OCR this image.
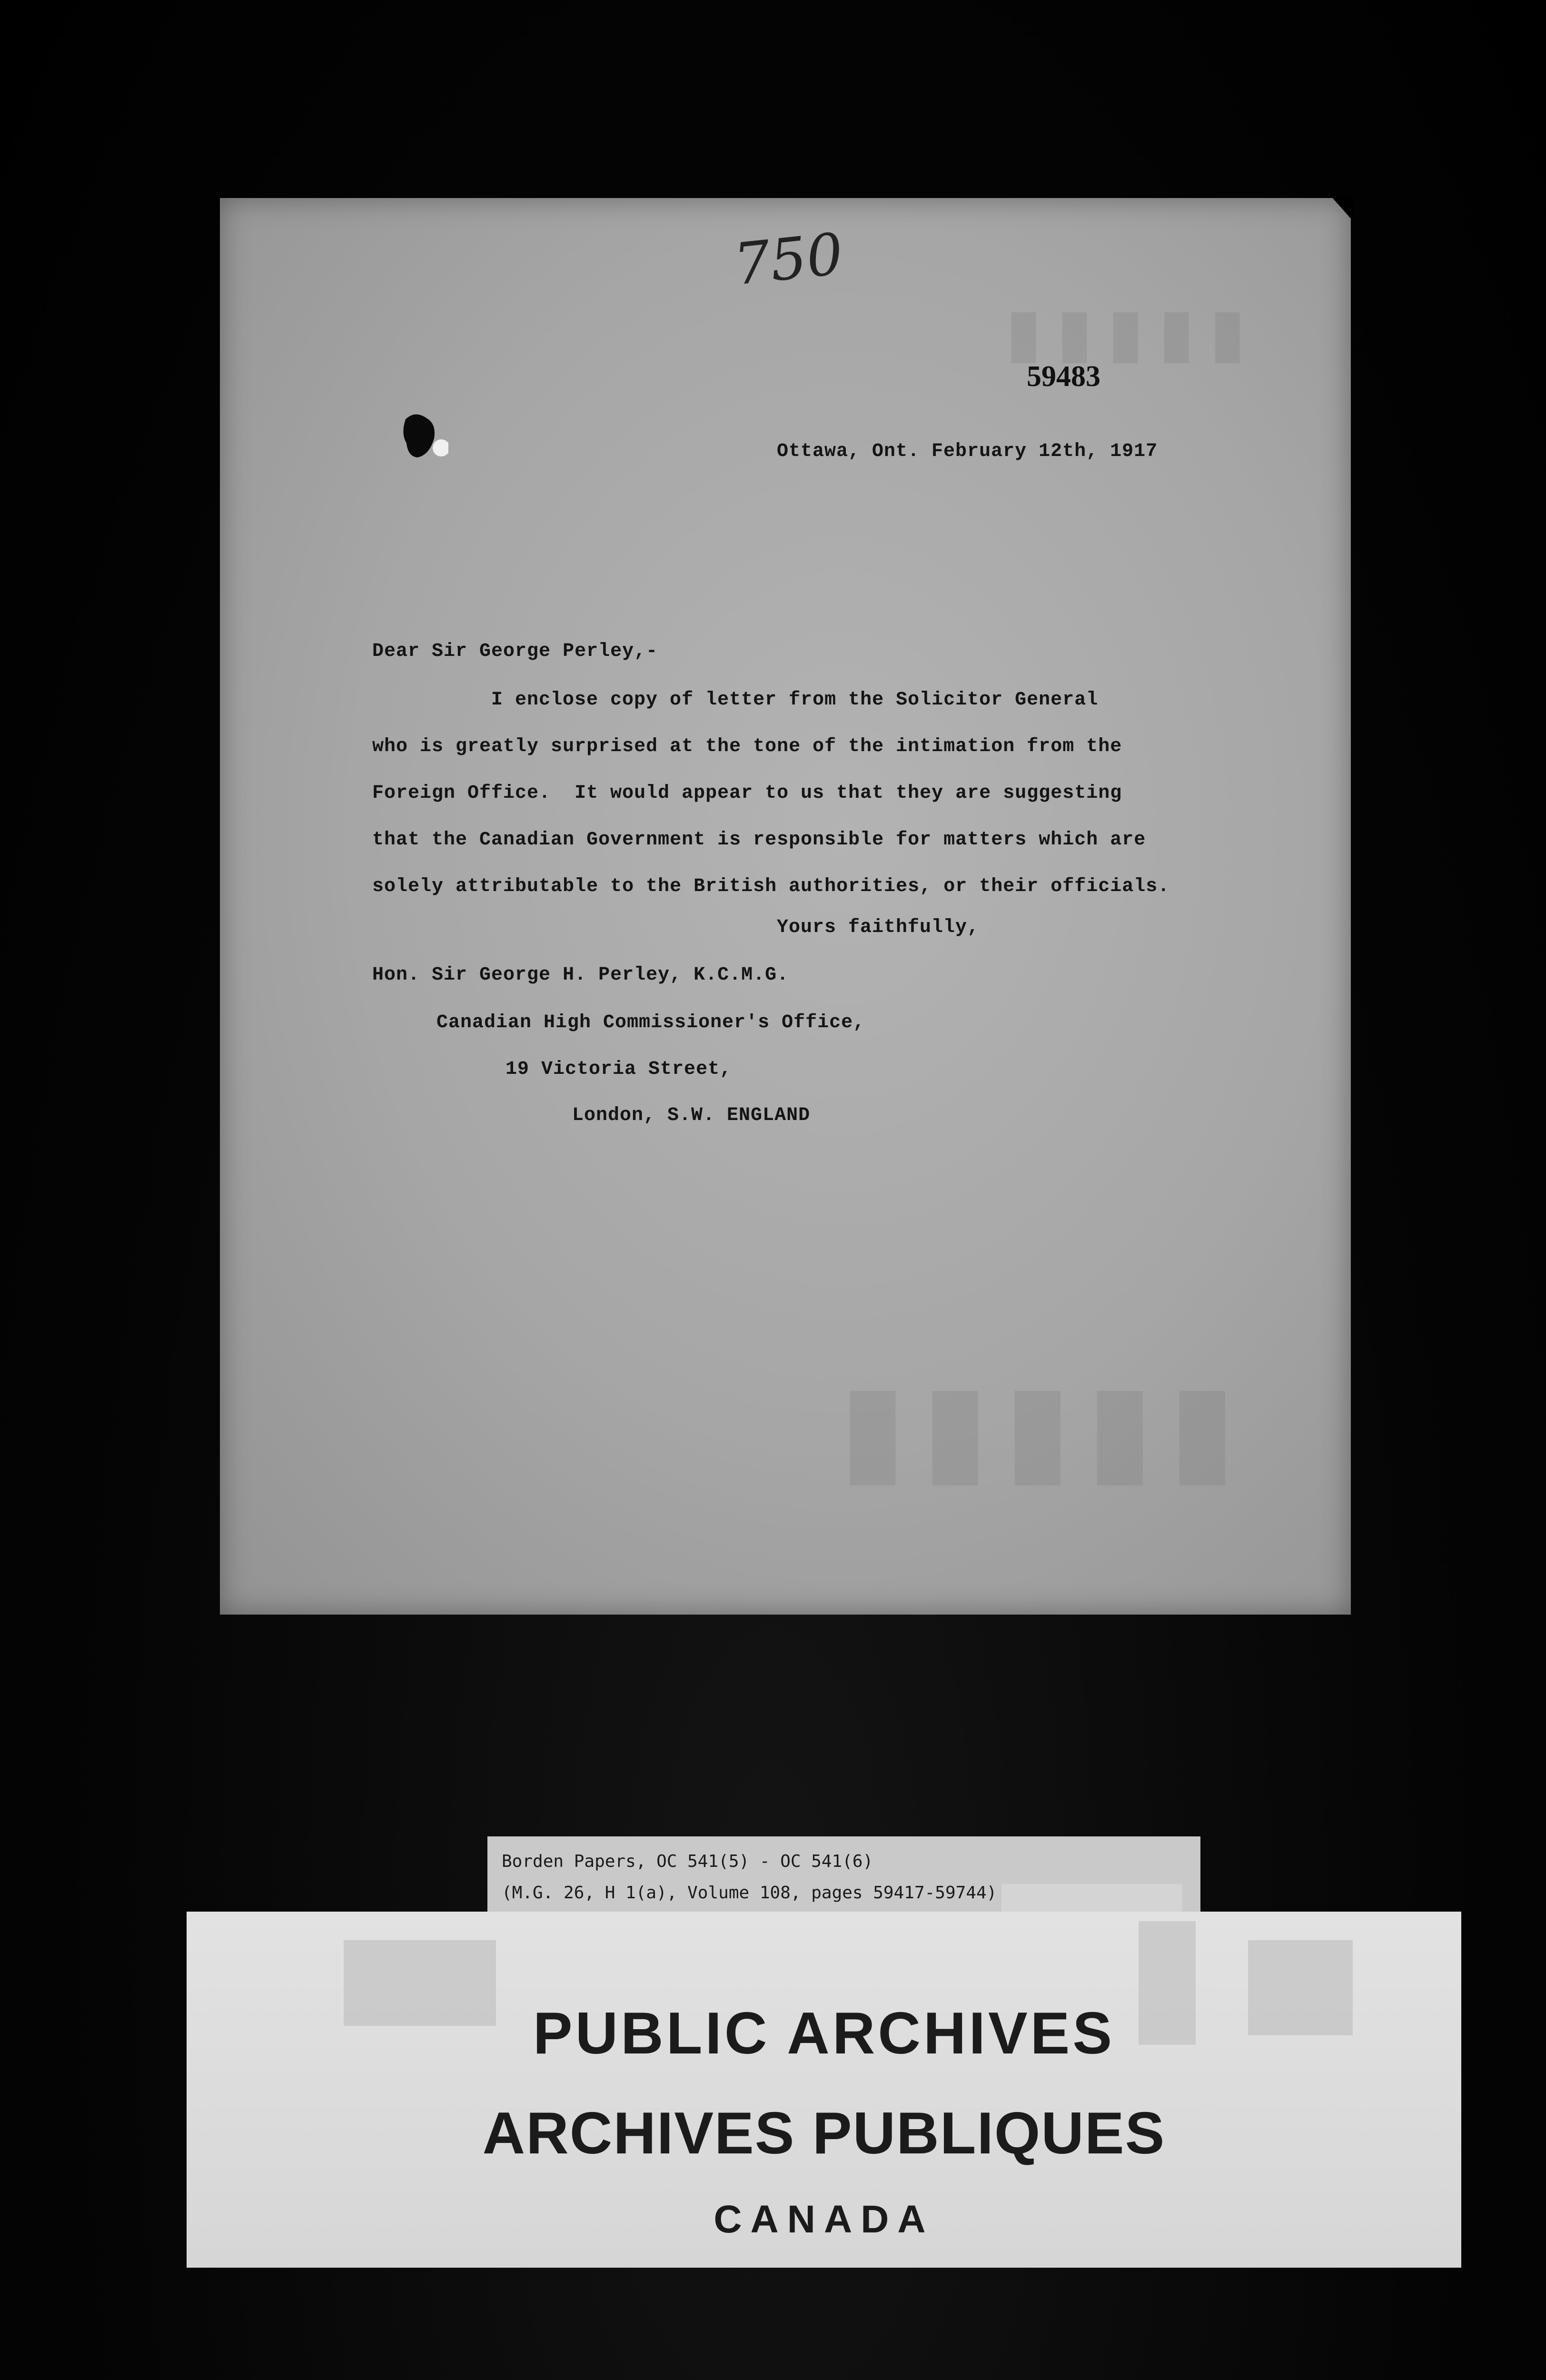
▮▮▮▮▮
▮▮▮▮▮
750
59483
Ottawa, Ont. February 12th, 1917
Dear Sir George Perley,-
I enclose copy of letter from the Solicitor General
who is greatly surprised at the tone of the intimation from the
Foreign Office.  It would appear to us that they are suggesting
that the Canadian Government is responsible for matters which are
solely attributable to the British authorities, or their officials.
Yours faithfully,
Hon. Sir George H. Perley, K.C.M.G.
Canadian High Commissioner's Office,
19 Victoria Street,
London, S.W. ENGLAND
Borden Papers, OC 541(5) - OC 541(6)
(M.G. 26, H 1(a), Volume 108, pages 59417-59744)
PUBLIC ARCHIVES
ARCHIVES PUBLIQUES
CANADA
